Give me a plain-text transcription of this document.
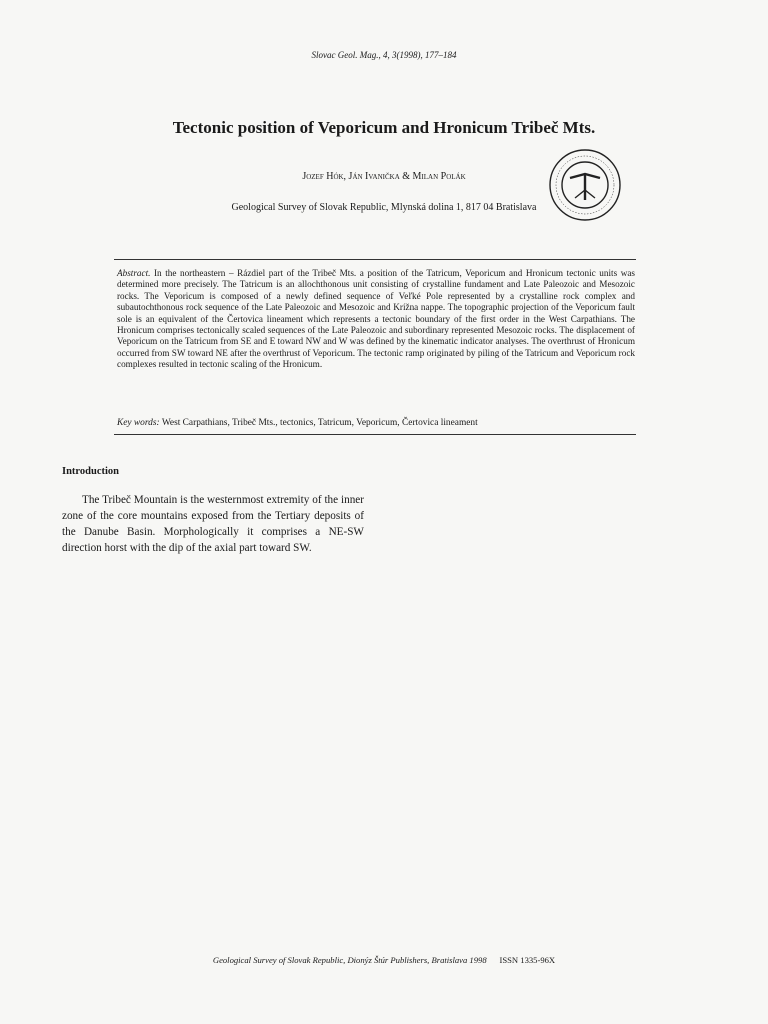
Slovac Geol. Mag., 4, 3(1998), 177–184
Tectonic position of Veporicum and Hronicum Tribeč Mts.
Jozef Hók, Ján Ivanička & Milan Polák
Geological Survey of Slovak Republic, Mlynská dolina 1, 817 04 Bratislava
Abstract. In the northeastern – Rázdiel part of the Tribeč Mts. a position of the Tatricum, Veporicum and Hronicum tectonic units was determined more precisely. The Tatricum is an allochthonous unit consisting of crystalline fundament and Late Paleozoic and Mesozoic rocks. The Veporicum is composed of a newly defined sequence of Veľké Pole represented by a crystalline rock complex and subautochthonous rock sequence of the Late Paleozoic and Mesozoic and Krížna nappe. The topographic projection of the Veporicum fault sole is an equivalent of the Čertovica lineament which represents a tectonic boundary of the first order in the West Carpathians. The Hronicum comprises tectonically scaled sequences of the Late Paleozoic and subordinary represented Mesozoic rocks. The displacement of Veporicum on the Tatricum from SE and E toward NW and W was defined by the kinematic indicator analyses. The overthrust of Hronicum occurred from SW toward NE after the overthrust of Veporicum. The tectonic ramp originated by piling of the Tatricum and Veporicum rock complexes resulted in tectonic scaling of the Hronicum.
Key words: West Carpathians, Tribeč Mts., tectonics, Tatricum, Veporicum, Čertovica lineament
Introduction

The Tribeč Mountain is the westernmost extremity of the inner zone of the core mountains exposed from the Tertiary deposits of the Danube Basin. Morphologically it comprises a NE-SW direction horst with the dip of the axial part toward SW.

Geological Survey of Slovak Republic, Dionýz Štúr Publishers, Bratislava 1998 ISSN 1335-96X
